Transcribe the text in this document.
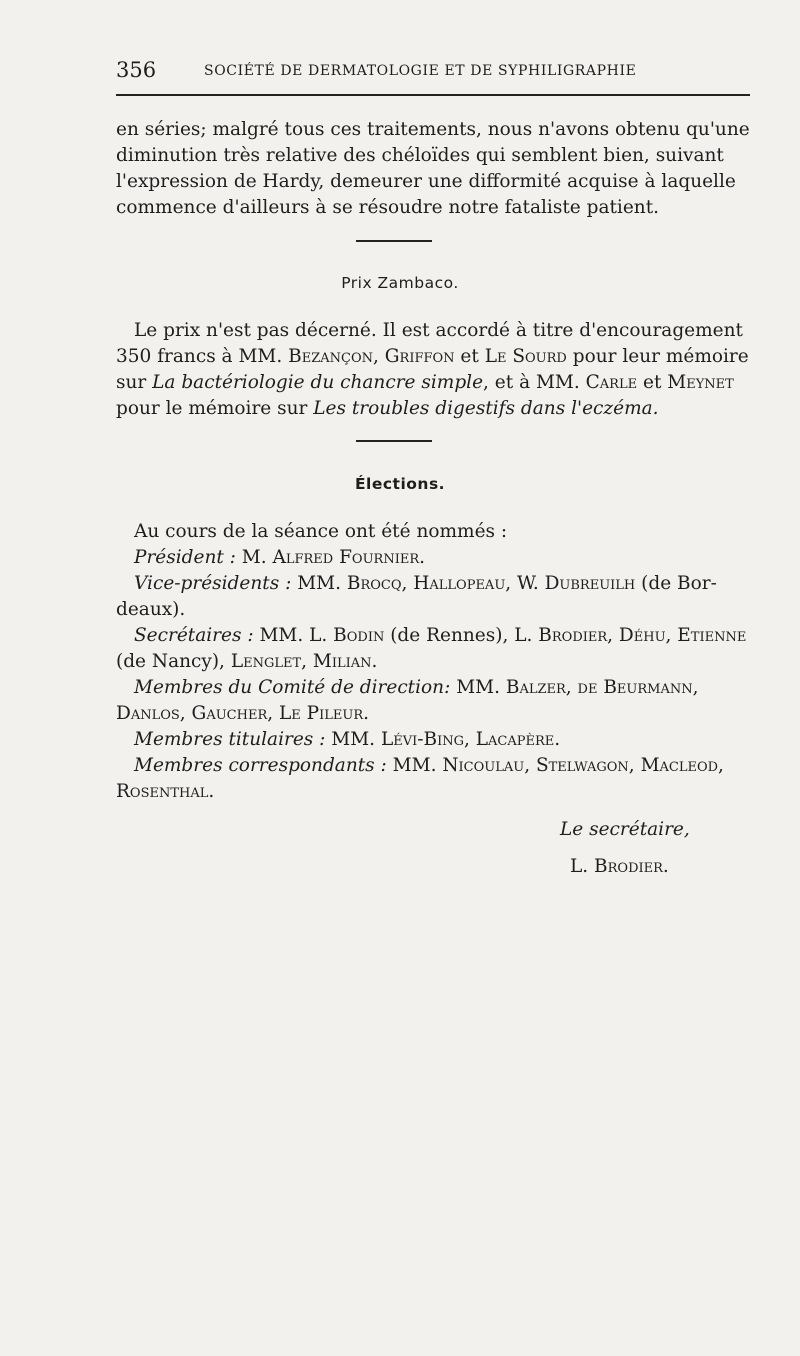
356	SOCIÉTÉ DE DERMATOLOGIE ET DE SYPHILIGRAPHIE
en séries; malgré tous ces traitements, nous n'avons obtenu qu'une
diminution très relative des chéloïdes qui semblent bien, suivant
l'expression de Hardy, demeurer une difformité acquise à laquelle
commence d'ailleurs à se résoudre notre fataliste patient.
Prix Zambaco.
Le prix n'est pas décerné. Il est accordé à titre d'encouragement
350 francs à MM. Bezançon, Griffon et Le Sourd pour leur mémoire
sur La bactériologie du chancre simple, et à MM. Carle et Meynet
pour le mémoire sur Les troubles digestifs dans l'eczéma.
Élections.
Au cours de la séance ont été nommés :
Président : M. Alfred Fournier.
Vice-présidents : MM. Brocq, Hallopeau, W. Dubreuilh (de Bor-
deaux).
Secrétaires : MM. L. Bodin (de Rennes), L. Brodier, Déhu, Etienne
(de Nancy), Lenglet, Milian.
Membres du Comité de direction: MM. Balzer, de Beurmann,
Danlos, Gaucher, Le Pileur.
Membres titulaires : MM. Lévi-Bing, Lacapère.
Membres correspondants : MM. Nicoulau, Stelwagon, Macleod,
Rosenthal.
Le secrétaire,
L. Brodier.
